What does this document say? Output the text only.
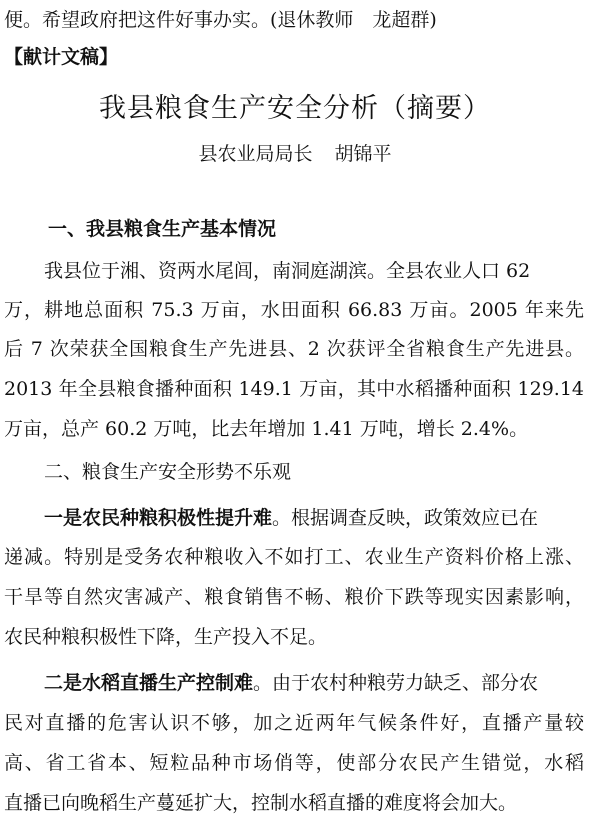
便。希望政府把这件好事办实。(退休教师　龙超群)
【献计文稿】
我县粮食生产安全分析（摘要）
县农业局局长 胡锦平
一、我县粮食生产基本情况
我县位于湘、资两水尾闾，南洞庭湖滨。全县农业人口 62
万，耕地总面积 75.3 万亩，水田面积 66.83 万亩。2005 年来先
后 7 次荣获全国粮食生产先进县、2 次获评全省粮食生产先进县。
2013 年全县粮食播种面积 149.1 万亩，其中水稻播种面积 129.14
万亩，总产 60.2 万吨，比去年增加 1.41 万吨，增长 2.4%。
二、粮食生产安全形势不乐观
一是农民种粮积极性提升难。根据调查反映，政策效应已在
递减。特别是受务农种粮收入不如打工、农业生产资料价格上涨、
干旱等自然灾害减产、粮食销售不畅、粮价下跌等现实因素影响，
农民种粮积极性下降，生产投入不足。
二是水稻直播生产控制难。由于农村种粮劳力缺乏、部分农
民对直播的危害认识不够，加之近两年气候条件好，直播产量较
高、省工省本、短粒品种市场俏等，使部分农民产生错觉，水稻
直播已向晚稻生产蔓延扩大，控制水稻直播的难度将会加大。
